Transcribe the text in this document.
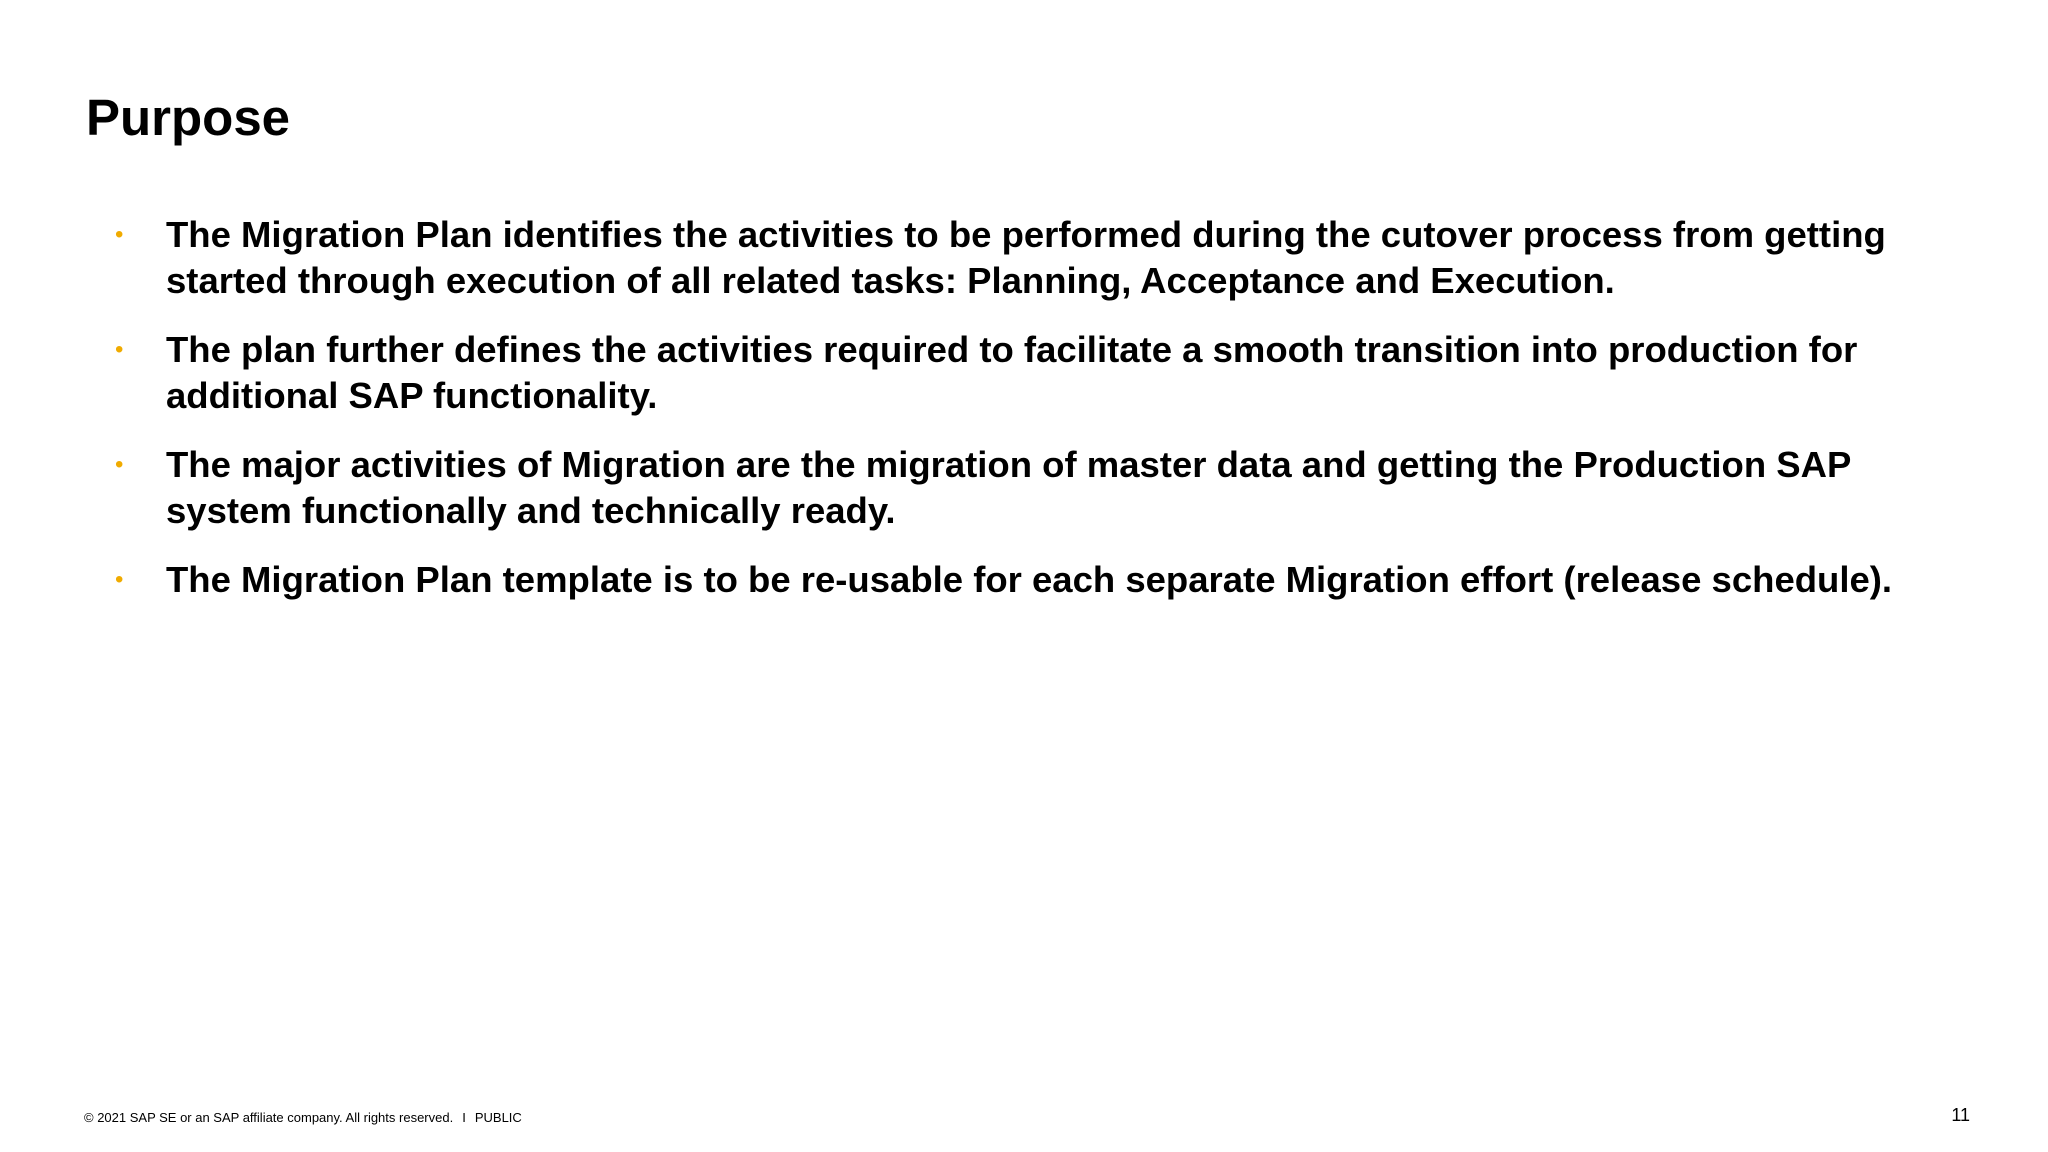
Purpose
• The Migration Plan identifies the activities to be performed during the cutover process from getting started through execution of all related tasks: Planning, Acceptance and Execution.
• The plan further defines the activities required to facilitate a smooth transition into production for additional SAP functionality.
• The major activities of Migration are the migration of master data and getting the Production SAP system functionally and technically ready.
• The Migration Plan template is to be re-usable for each separate Migration effort (release schedule).
© 2021 SAP SE or an SAP affiliate company. All rights reserved. I PUBLIC	11
